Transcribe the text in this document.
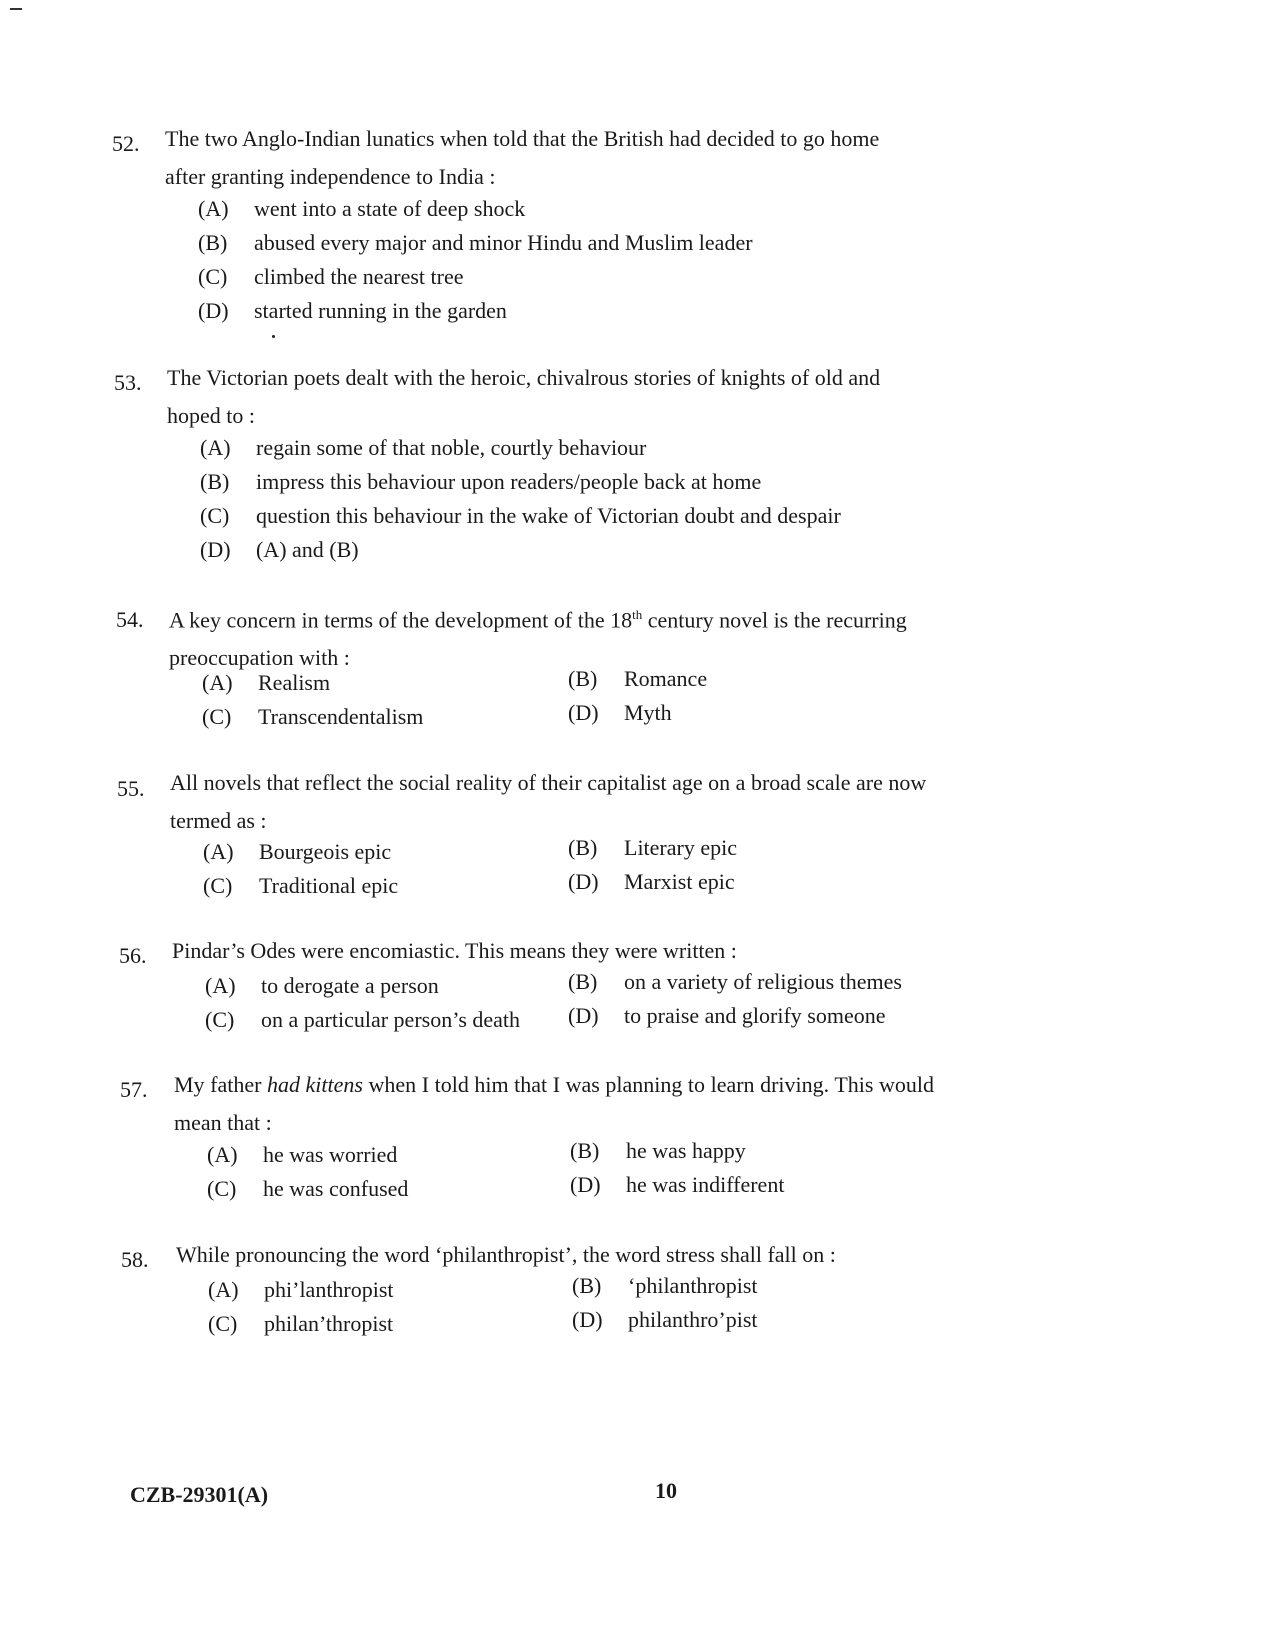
52. The two Anglo-Indian lunatics when told that the British had decided to go home after granting independence to India :
(A) went into a state of deep shock
(B) abused every major and minor Hindu and Muslim leader
(C) climbed the nearest tree
(D) started running in the garden
53. The Victorian poets dealt with the heroic, chivalrous stories of knights of old and hoped to :
(A) regain some of that noble, courtly behaviour
(B) impress this behaviour upon readers/people back at home
(C) question this behaviour in the wake of Victorian doubt and despair
(D) (A) and (B)
54. A key concern in terms of the development of the 18th century novel is the recurring preoccupation with :
(A) Realism	(B) Romance
(C) Transcendentalism	(D) Myth
55. All novels that reflect the social reality of their capitalist age on a broad scale are now termed as :
(A) Bourgeois epic	(B) Literary epic
(C) Traditional epic	(D) Marxist epic
56. Pindar’s Odes were encomiastic. This means they were written :
(A) to derogate a person	(B) on a variety of religious themes
(C) on a particular person’s death (D) to praise and glorify someone
57. My father had kittens when I told him that I was planning to learn driving. This would mean that :
(A) he was worried	(B) he was happy
(C) he was confused	(D) he was indifferent
58. While pronouncing the word ‘philanthropist’, the word stress shall fall on :
(A) phi’lanthropist	(B) ‘philanthropist
(C) philan’thropist	(D) philanthro’pist
CZB-29301(A)	10
